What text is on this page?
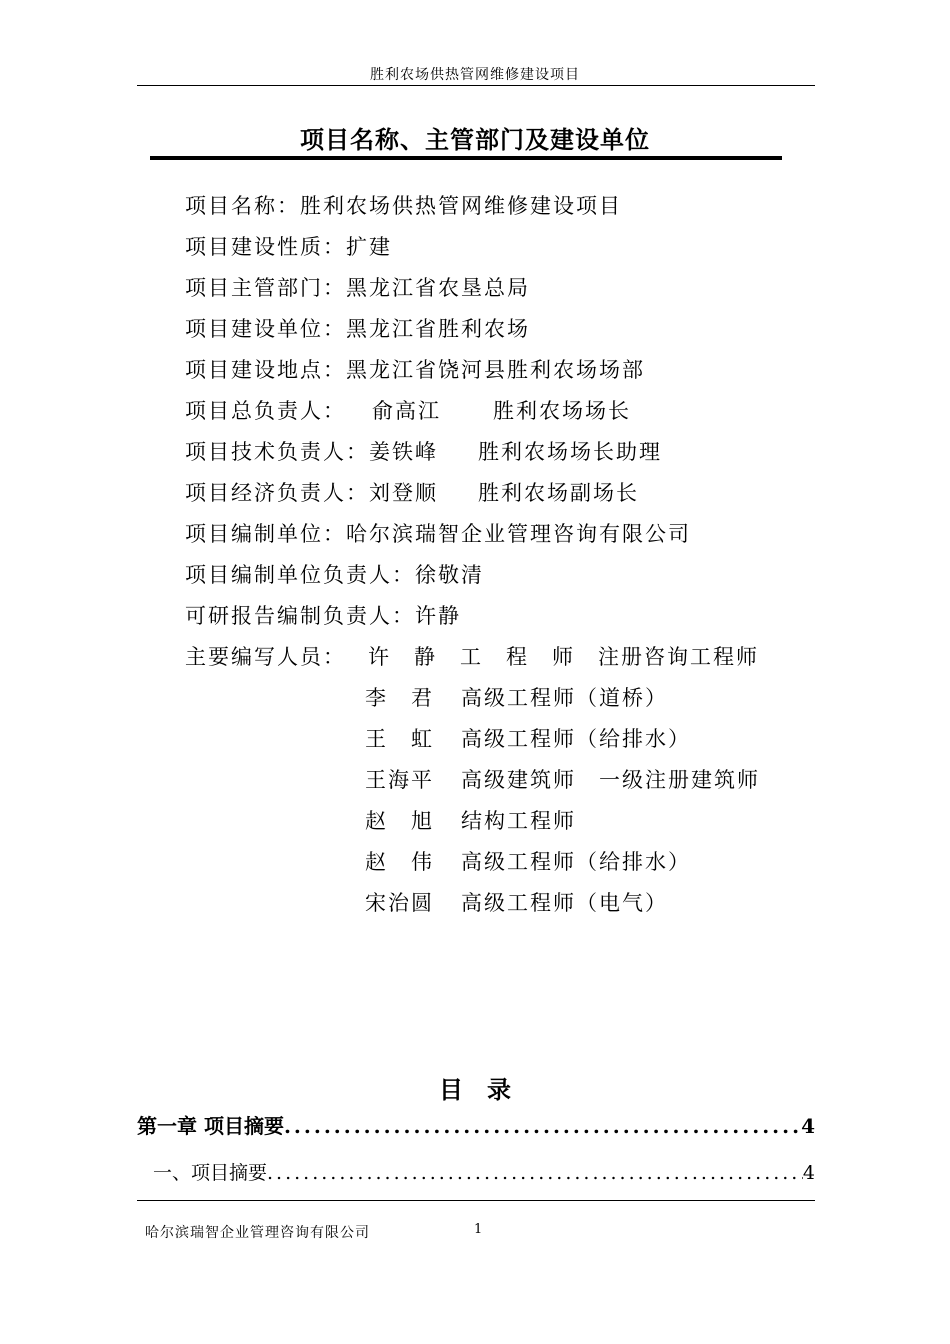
胜利农场供热管网维修建设项目
项目名称、主管部门及建设单位
项目名称：胜利农场供热管网维修建设项目
项目建设性质：扩建
项目主管部门：黑龙江省农垦总局
项目建设单位：黑龙江省胜利农场
项目建设地点：黑龙江省饶河县胜利农场场部
项目总负责人： 俞高江 胜利农场场长
项目技术负责人：姜铁峰 胜利农场场长助理
项目经济负责人：刘登顺 胜利农场副场长
项目编制单位：哈尔滨瑞智企业管理咨询有限公司
项目编制单位负责人：徐敬清
可研报告编制负责人：许静
主要编写人员： 许　静　工　程　师　注册咨询工程师
李　君 高级工程师（道桥）
王　虹 高级工程师（给排水）
王海平 高级建筑师　一级注册建筑师
赵　旭 结构工程师
赵　伟 高级工程师（给排水）
宋治圆 高级工程师（电气）
目　录
第一章 项目摘要 .....	4
一、项目摘要 .....	4
哈尔滨瑞智企业管理咨询有限公司	1
